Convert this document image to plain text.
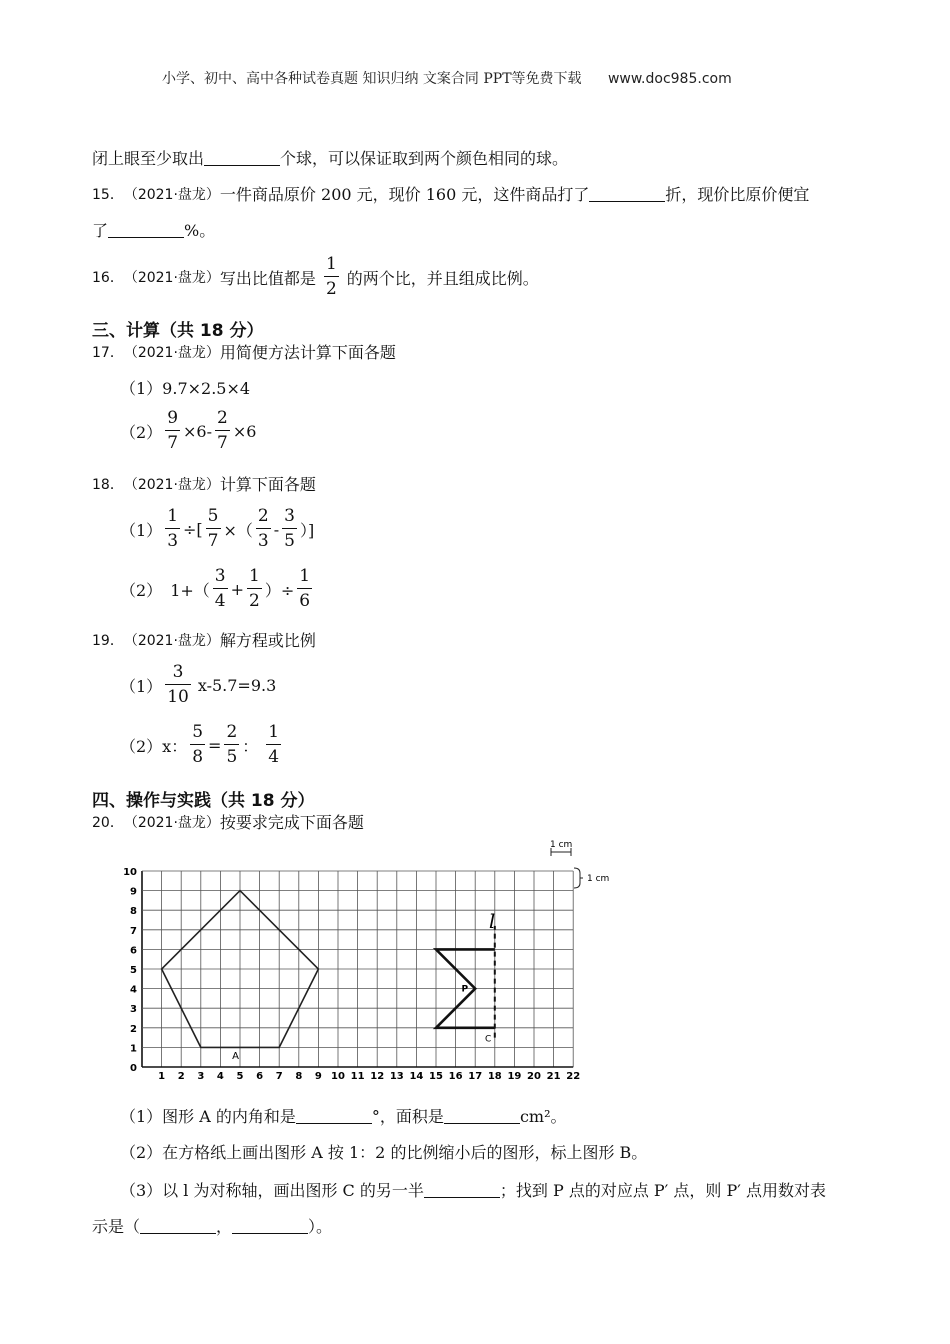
小学、初中、高中各种试卷真题 知识归纳 文案合同 PPT等免费下载 www.doc985.com
闭上眼至少取出	个球，可以保证取到两个颜色相同的球。
15． （2021·盘龙） 一件商品原价 200 元，现价 160 元，这件商品打了	折，现价比原价便宜
了	%。
16． （2021·盘龙） 写出比值都是 $\frac{1}{2}$ 的两个比，并且组成比例。
三、计算（共 18 分）
17． （2021·盘龙） 用简便方法计算下面各题
（1）9.7×2.5×4
$(2) \frac{9}{7} \times 6- \frac{2}{7} \times 6$
18． （2021·盘龙） 计算下面各题
$(1) \frac{1}{3}$ ÷[ $\frac{5}{7}$ ×（ $\frac{2}{3} - \frac{3}{5}$ ）]
（2） $1+( \frac{3}{4} + \frac{1}{2}$ ）÷ $\frac{1}{6}$
19． （2021·盘龙） 解方程或比例
$(1) \frac{3}{10} x-5.7=9.3$
（2）x： $\frac{5}{8} = \frac{2}{5}$ ： $\frac{1}{4}$
四、操作与实践（共 18 分）
20． （2021·盘龙） 按要求完成下面各题
1 2 3 4 5 6 7 8 9 10 11 12 13 14 15 16 17 18 19 20 21 22
0
1
2
3
4
5
6
7
8
9
10
A
P
C
l
1 cm
1 cm
（1）图形 A 的内角和是	°，面积是	cm²。
（2）在方格纸上画出图形 A 按 1：2 的比例缩小后的图形，标上图形 B。
（3）以 l 为对称轴，画出图形 C 的另一半	；找到 P 点的对应点 P′ 点，则 P′ 点用数对表
示是（	，	）。
